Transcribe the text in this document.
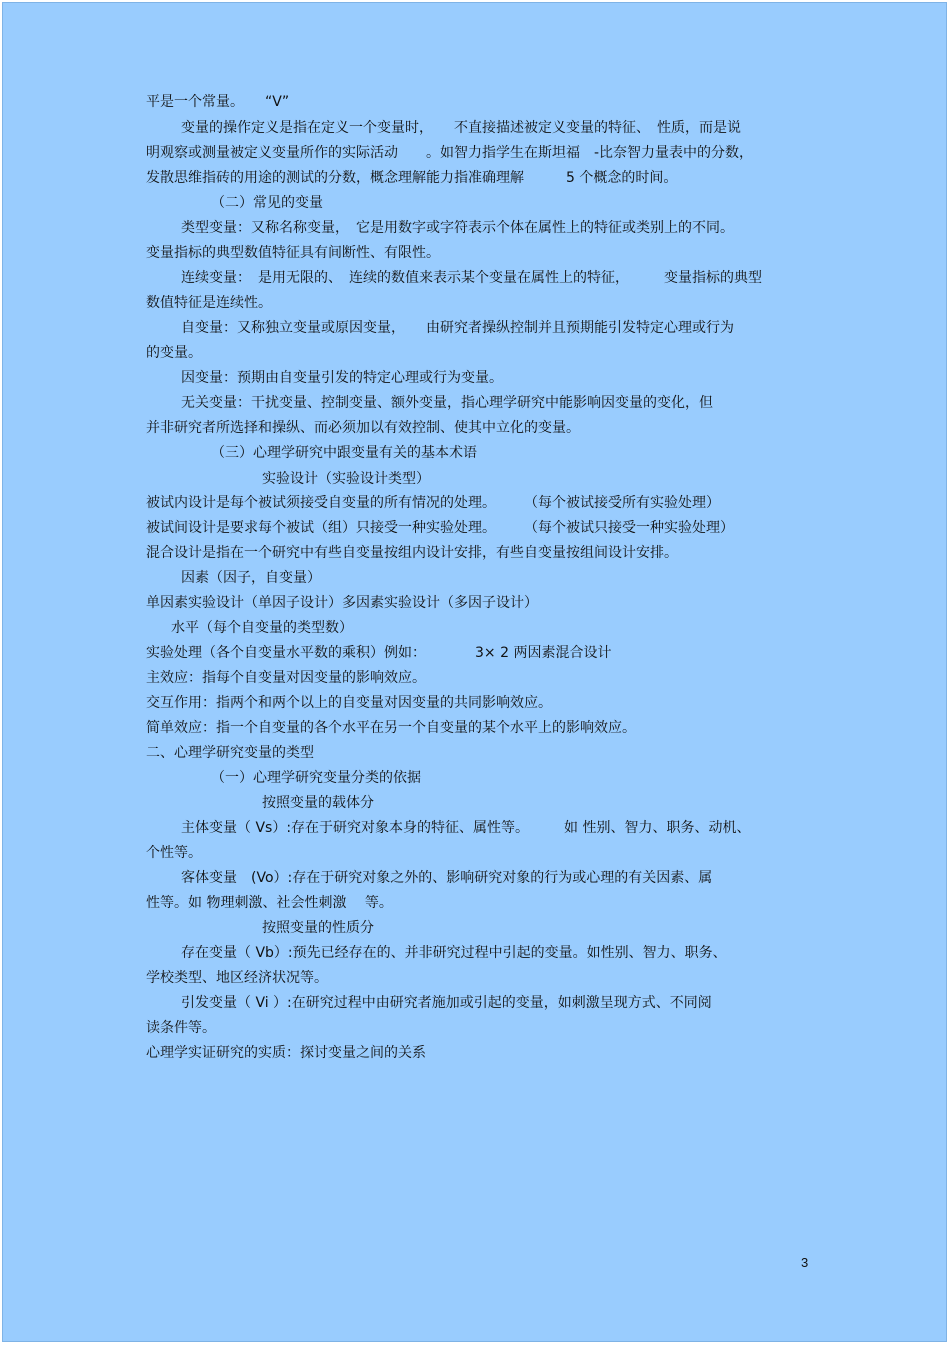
平是一个常量。　　“V”
变量的操作定义是指在定义一个变量时，　　不直接描述被定义变量的特征、　性质，而是说
明观察或测量被定义变量所作的实际活动　　。如智力指学生在斯坦福　-比奈智力量表中的分数，
发散思维指砖的用途的测试的分数，概念理解能力指准确理解　　　5 个概念的时间。
（二）常见的变量
类型变量：又称名称变量，　它是用数字或字符表示个体在属性上的特征或类别上的不同。
变量指标的典型数值特征具有间断性、有限性。
连续变量：　是用无限的、　连续的数值来表示某个变量在属性上的特征，　　　变量指标的典型
数值特征是连续性。
自变量：又称独立变量或原因变量，　　由研究者操纵控制并且预期能引发特定心理或行为
的变量。
因变量：预期由自变量引发的特定心理或行为变量。
无关变量：干扰变量、控制变量、额外变量，指心理学研究中能影响因变量的变化，但
并非研究者所选择和操纵、而必须加以有效控制、使其中立化的变量。
（三）心理学研究中跟变量有关的基本术语
实验设计（实验设计类型）
被试内设计是每个被试须接受自变量的所有情况的处理。　　　（每个被试接受所有实验处理）
被试间设计是要求每个被试（组）只接受一种实验处理。　　　（每个被试只接受一种实验处理）
混合设计是指在一个研究中有些自变量按组内设计安排，有些自变量按组间设计安排。
因素（因子，自变量）
单因素实验设计（单因子设计）多因素实验设计（多因子设计）
水平（每个自变量的类型数）
实验处理（各个自变量水平数的乘积）例如：　　　　3× 2 两因素混合设计
主效应：指每个自变量对因变量的影响效应。
交互作用：指两个和两个以上的自变量对因变量的共同影响效应。
简单效应：指一个自变量的各个水平在另一个自变量的某个水平上的影响效应。
二、心理学研究变量的类型
（一）心理学研究变量分类的依据
按照变量的载体分
主体变量（ Vs）:存在于研究对象本身的特征、属性等。　　　如 性别、智力、职务、动机、
个性等。
客体变量　(Vo）:存在于研究对象之外的、影响研究对象的行为或心理的有关因素、属
性等。如 物理刺激、社会性刺激　 等。
按照变量的性质分
存在变量（ Vb）:预先已经存在的、并非研究过程中引起的变量。如性别、智力、职务、
学校类型、地区经济状况等。
引发变量（ Vi ）:在研究过程中由研究者施加或引起的变量，如刺激呈现方式、不同阅
读条件等。
心理学实证研究的实质：探讨变量之间的关系
3
